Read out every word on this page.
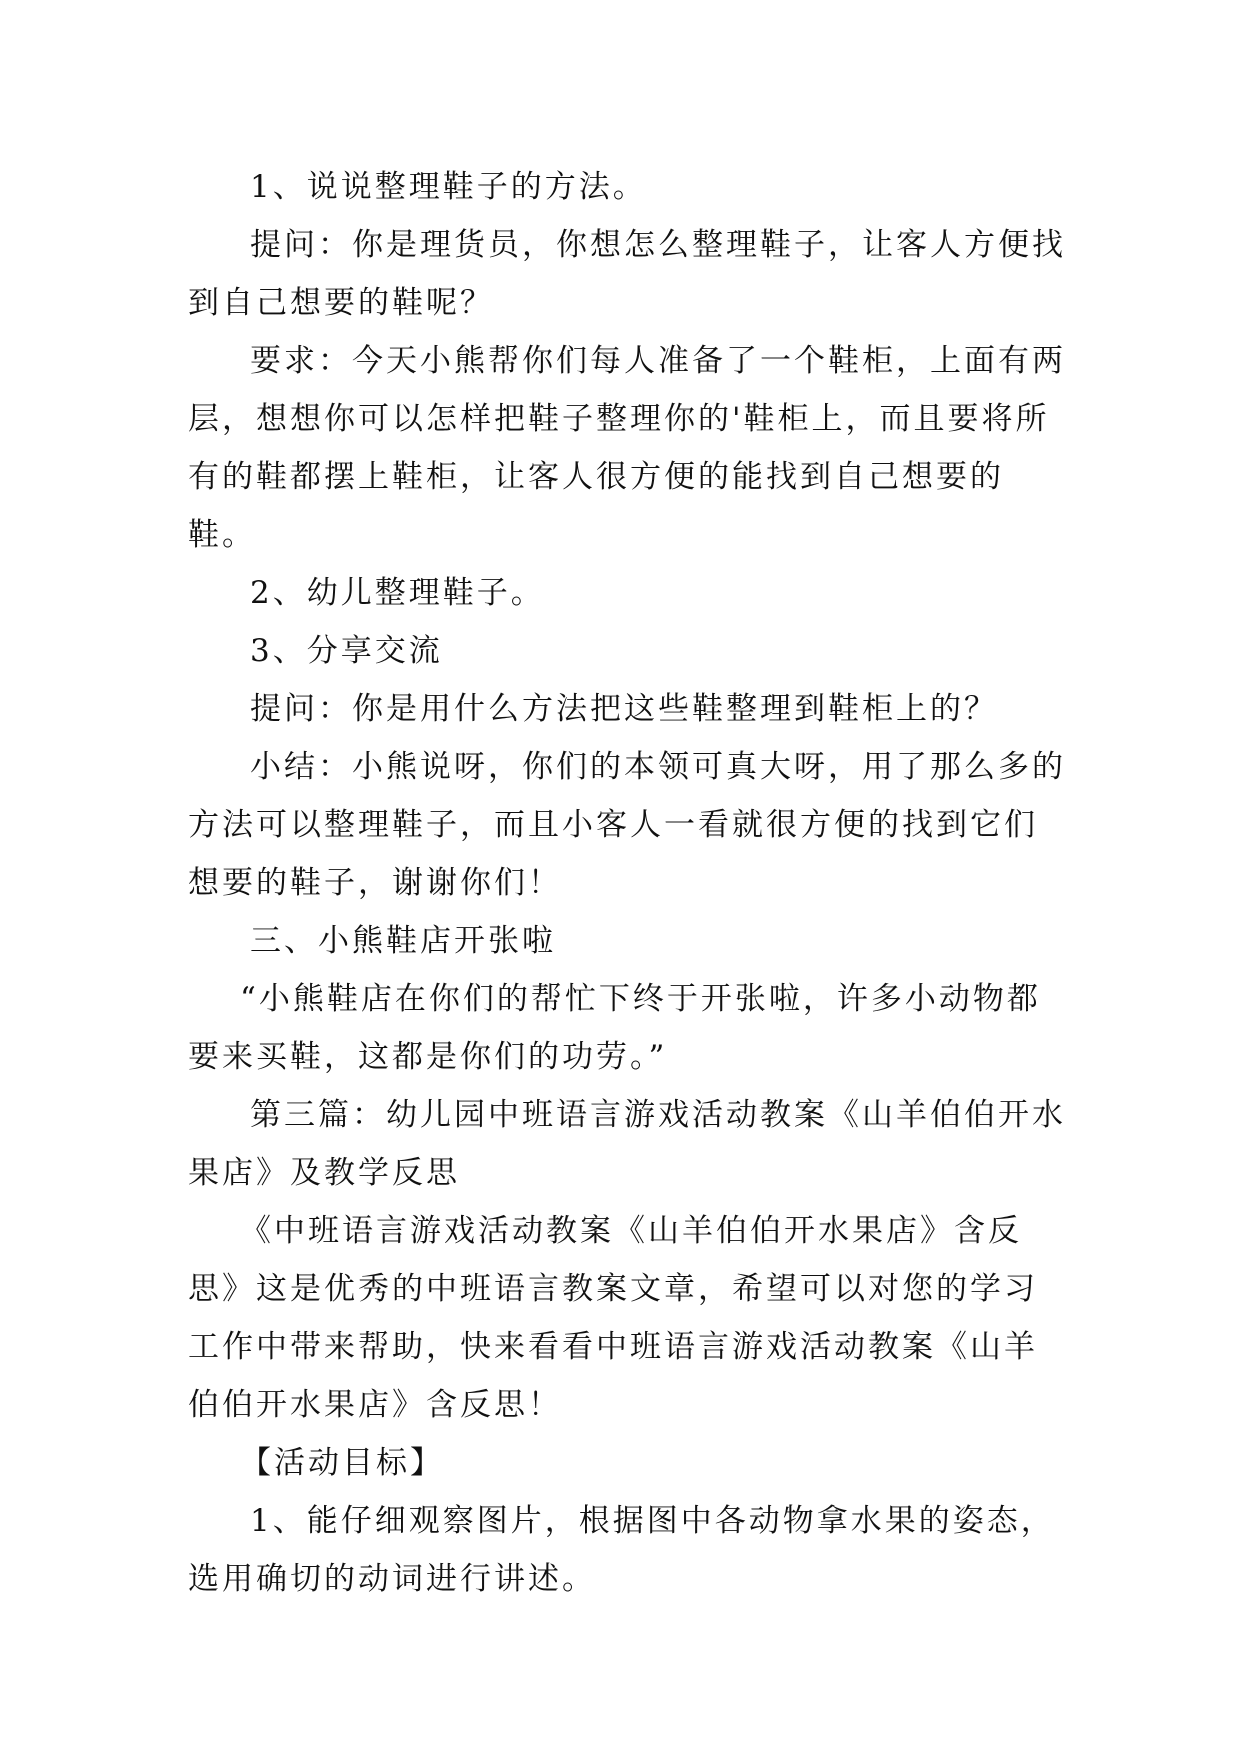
1、说说整理鞋子的方法。

提问：你是理货员，你想怎么整理鞋子，让客人方便找到自己想要的鞋呢？

要求：今天小熊帮你们每人准备了一个鞋柜，上面有两层，想想你可以怎样把鞋子整理你的'鞋柜上，而且要将所有的鞋都摆上鞋柜，让客人很方便的能找到自己想要的鞋。

2、幼儿整理鞋子。

3、分享交流

提问：你是用什么方法把这些鞋整理到鞋柜上的？

小结：小熊说呀，你们的本领可真大呀，用了那么多的方法可以整理鞋子，而且小客人一看就很方便的找到它们想要的鞋子，谢谢你们！

三、小熊鞋店开张啦

“小熊鞋店在你们的帮忙下终于开张啦，许多小动物都要来买鞋，这都是你们的功劳。”

第三篇：幼儿园中班语言游戏活动教案《山羊伯伯开水果店》及教学反思

《中班语言游戏活动教案《山羊伯伯开水果店》含反思》这是优秀的中班语言教案文章，希望可以对您的学习工作中带来帮助，快来看看中班语言游戏活动教案《山羊伯伯开水果店》含反思！

【活动目标】

1、能仔细观察图片，根据图中各动物拿水果的姿态，选用确切的动词进行讲述。
